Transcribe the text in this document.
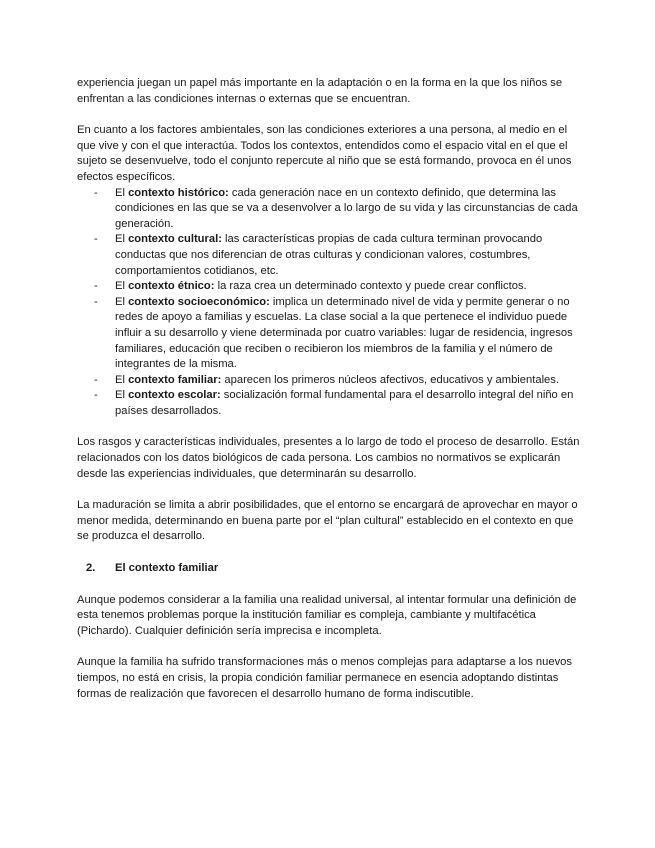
experiencia juegan un papel más importante en la adaptación o en la forma en la que los niños se enfrentan a las condiciones internas o externas que se encuentran.

En cuanto a los factores ambientales, son las condiciones exteriores a una persona, al medio en el que vive y con el que interactúa. Todos los contextos, entendidos como el espacio vital en el que el sujeto se desenvuelve, todo el conjunto repercute al niño que se está formando, provoca en él unos efectos específicos.

- El contexto histórico: cada generación nace en un contexto definido, que determina las condiciones en las que se va a desenvolver a lo largo de su vida y las circunstancias de cada generación.
- El contexto cultural: las características propias de cada cultura terminan provocando conductas que nos diferencian de otras culturas y condicionan valores, costumbres, comportamientos cotidianos, etc.
- El contexto étnico: la raza crea un determinado contexto y puede crear conflictos.
- El contexto socioeconómico: implica un determinado nivel de vida y permite generar o no redes de apoyo a familias y escuelas. La clase social a la que pertenece el individuo puede influir a su desarrollo y viene determinada por cuatro variables: lugar de residencia, ingresos familiares, educación que reciben o recibieron los miembros de la familia y el número de integrantes de la misma.
- El contexto familiar: aparecen los primeros núcleos afectivos, educativos y ambientales.
- El contexto escolar: socialización formal fundamental para el desarrollo integral del niño en países desarrollados.

Los rasgos y características individuales, presentes a lo largo de todo el proceso de desarrollo. Están relacionados con los datos biológicos de cada persona. Los cambios no normativos se explicarán desde las experiencias individuales, que determinarán su desarrollo.

La maduración se limita a abrir posibilidades, que el entorno se encargará de aprovechar en mayor o menor medida, determinando en buena parte por el “plan cultural” establecido en el contexto en que se produzca el desarrollo.

2. El contexto familiar

Aunque podemos considerar a la familia una realidad universal, al intentar formular una definición de esta tenemos problemas porque la institución familiar es compleja, cambiante y multifacética (Pichardo). Cualquier definición sería imprecisa e incompleta.

Aunque la familia ha sufrido transformaciones más o menos complejas para adaptarse a los nuevos tiempos, no está en crisis, la propia condición familiar permanece en esencia adoptando distintas formas de realización que favorecen el desarrollo humano de forma indiscutible.
